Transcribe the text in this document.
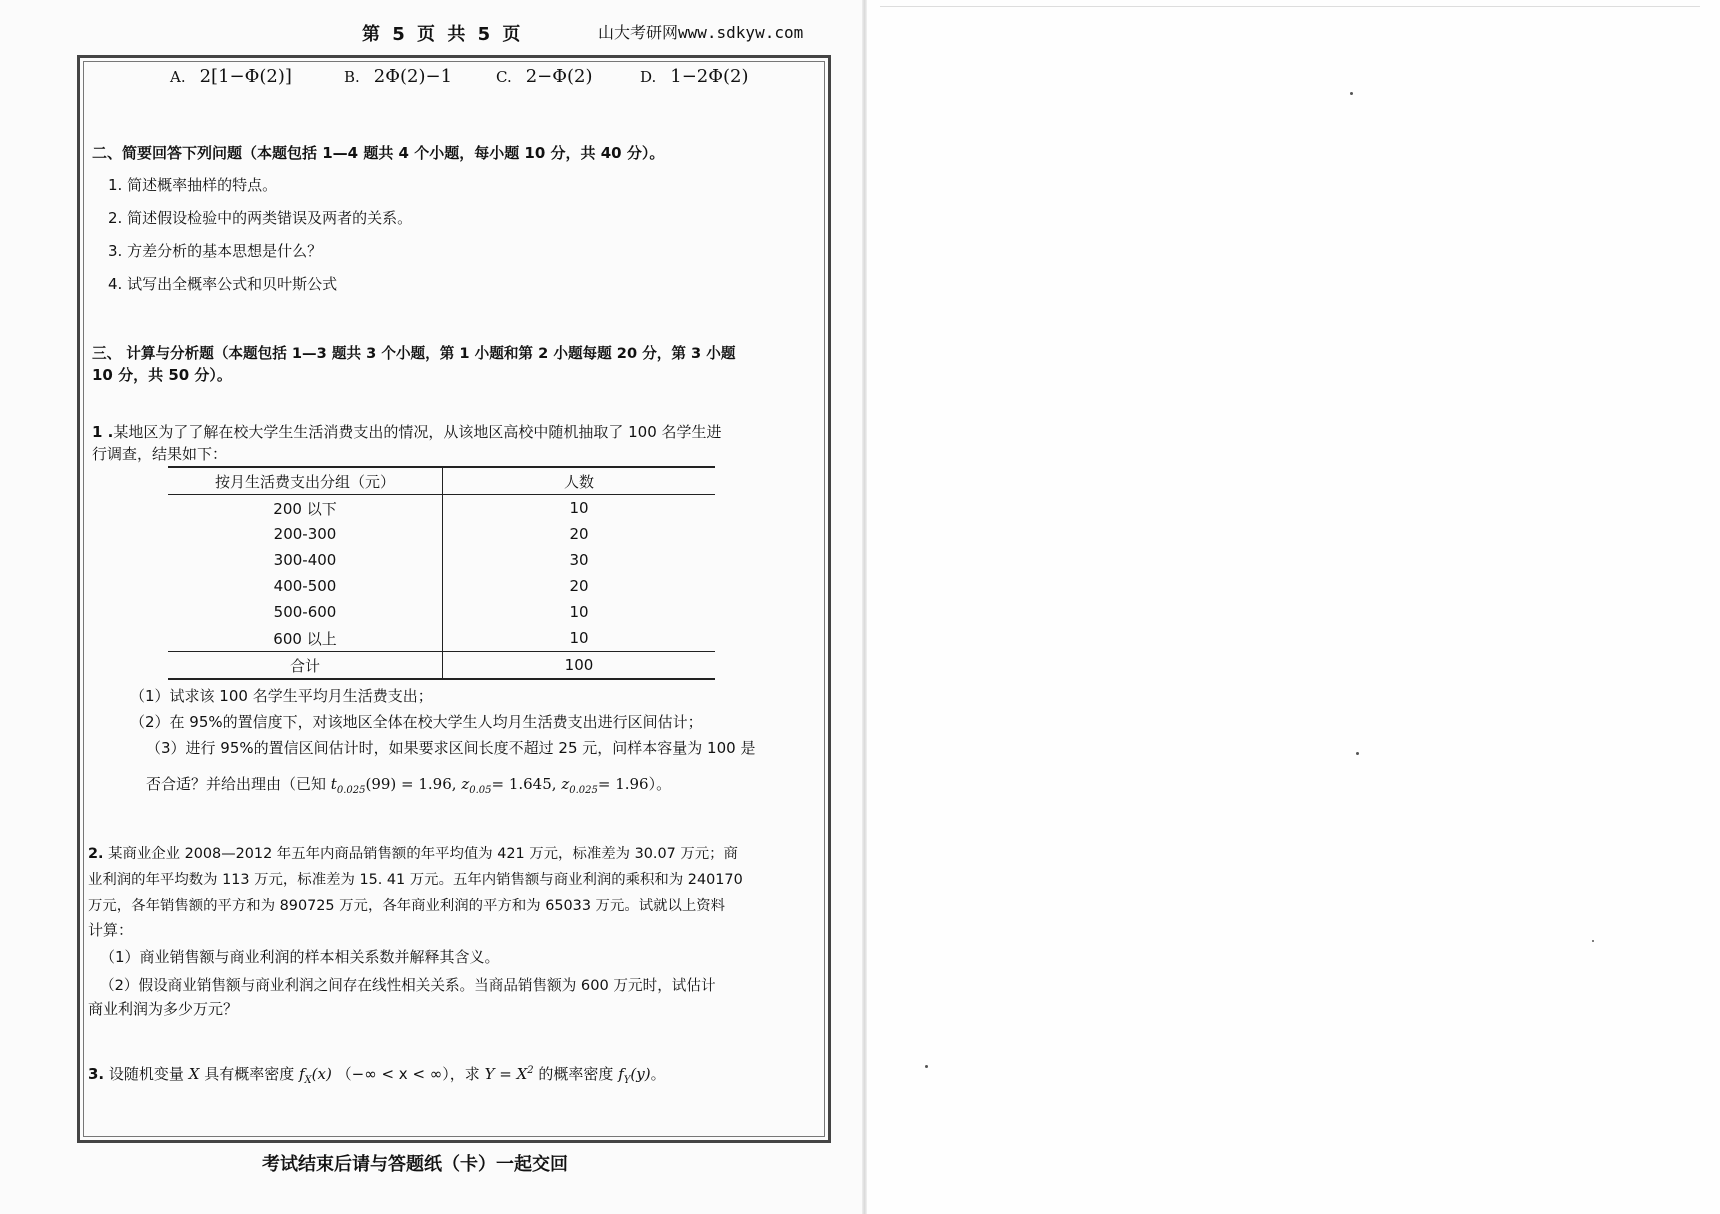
第 5 页 共 5 页	山大考研网www.sdkyw.com
A. 2[1−Φ(2)]	B. 2Φ(2)−1	C. 2−Φ(2)	D. 1−2Φ(2)
二、简要回答下列问题（本题包括 1—4 题共 4 个小题，每小题 10 分，共 40 分）。
1. 简述概率抽样的特点。
2. 简述假设检验中的两类错误及两者的关系。
3. 方差分析的基本思想是什么？
4. 试写出全概率公式和贝叶斯公式
三、 计算与分析题（本题包括 1—3 题共 3 个小题，第 1 小题和第 2 小题每题 20 分，第 3 小题
10 分，共 50 分）。
1 .某地区为了了解在校大学生生活消费支出的情况，从该地区高校中随机抽取了 100 名学生进
行调查，结果如下：
按月生活费支出分组（元）	人数
200 以下	10
200-300	20
300-400	30
400-500	20
500-600	10
600 以上	10
合计	100
（1）试求该 100 名学生平均月生活费支出；
（2）在 95%的置信度下，对该地区全体在校大学生人均月生活费支出进行区间估计；
（3）进行 95%的置信区间估计时，如果要求区间长度不超过 25 元，问样本容量为 100 是
否合适？并给出理由（已知 $t_{0.025}(99) = 1.96$, $z_{0.05}= 1.645$, $z_{0.025}= 1.96$）。
2. 某商业企业 2008—2012 年五年内商品销售额的年平均值为 421 万元，标准差为 30.07 万元；商
业利润的年平均数为 113 万元，标准差为 15. 41 万元。五年内销售额与商业利润的乘积和为 240170
万元，各年销售额的平方和为 890725 万元，各年商业利润的平方和为 65033 万元。试就以上资料
计算：
（1）商业销售额与商业利润的样本相关系数并解释其含义。
（2）假设商业销售额与商业利润之间存在线性相关关系。当商品销售额为 600 万元时，试估计
商业利润为多少万元？
3. 设随机变量 X 具有概率密度 $f_X(x)$ （−∞ < x < ∞），求 $Y = X^2$ 的概率密度 $f_Y(y)$。
考试结束后请与答题纸（卡）一起交回
